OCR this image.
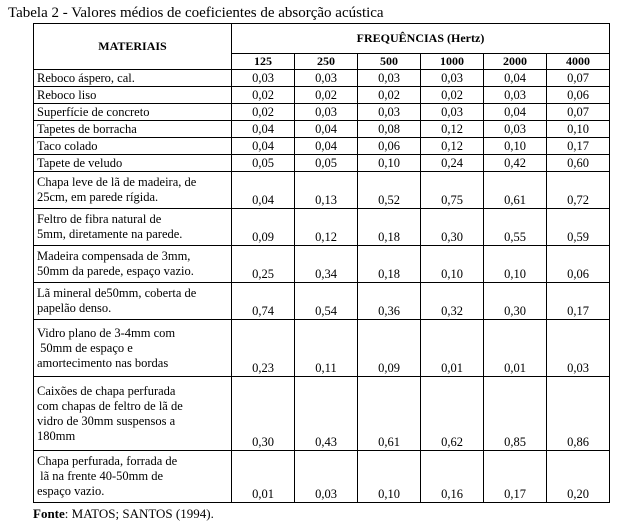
Tabela 2 - Valores médios de coeficientes de absorção acústica
MATERIAIS	FREQUÊNCIAS (Hertz)					
	125	250	500	1000	2000	4000

Reboco áspero, cal.	0,03	0,03	0,03	0,03	0,04	0,07

Reboco liso	0,02	0,02	0,02	0,02	0,03	0,06

Superfície de concreto	0,02	0,03	0,03	0,03	0,04	0,07

Tapetes de borracha	0,04	0,04	0,08	0,12	0,03	0,10

Taco colado	0,04	0,04	0,06	0,12	0,10	0,17

Tapete de veludo	0,05	0,05	0,10	0,24	0,42	0,60

Chapa leve de lã de madeira, de
25cm, em parede rígida.	0,04	0,13	0,52	0,75	0,61	0,72

Feltro de fibra natural de
5mm, diretamente na parede.	0,09	0,12	0,18	0,30	0,55	0,59

Madeira compensada de 3mm,
50mm da parede, espaço vazio.	0,25	0,34	0,18	0,10	0,10	0,06

Lã mineral de50mm, coberta de
papelão denso.	0,74	0,54	0,36	0,32	0,30	0,17

Vidro plano de 3-4mm com
50mm de espaço e
amortecimento nas bordas	0,23	0,11	0,09	0,01	0,01	0,03

Caixões de chapa perfurada
com chapas de feltro de lã de
vidro de 30mm suspensos a
180mm	0,30	0,43	0,61	0,62	0,85	0,86

Chapa perfurada, forrada de
lã na frente 40-50mm de
espaço vazio.	0,01	0,03	0,10	0,16	0,17	0,20
Fonte: MATOS; SANTOS (1994).
